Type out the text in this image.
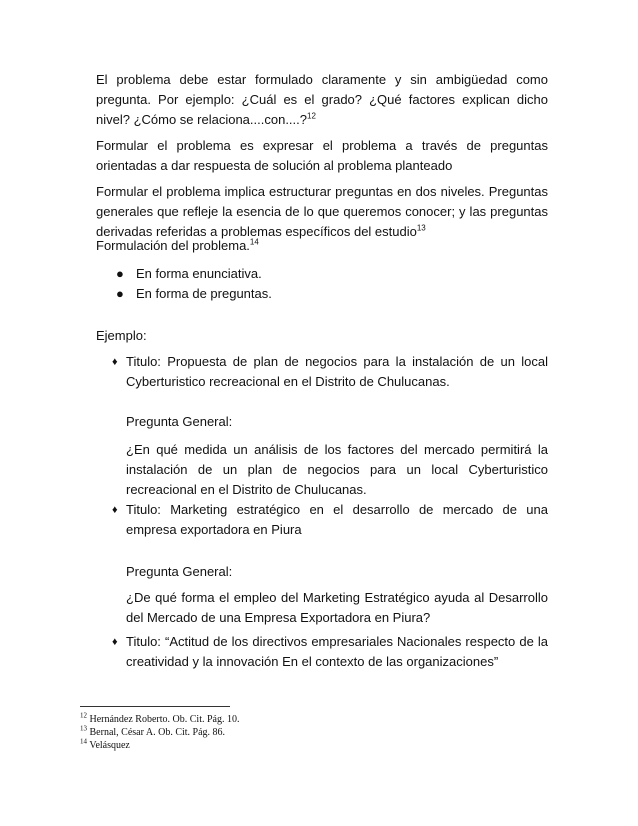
El problema debe estar formulado claramente y sin ambigüedad como pregunta. Por ejemplo: ¿Cuál es el grado? ¿Qué factores explican dicho nivel? ¿Cómo se relaciona....con....?$^{12}$

Formular el problema es expresar el problema a través de preguntas orientadas a dar respuesta de solución al problema planteado

Formular el problema implica estructurar preguntas en dos niveles. Preguntas generales que refleje la esencia de lo que queremos conocer; y las preguntas derivadas referidas a problemas específicos del estudio$^{13}$

Formulación del problema.$^{14}$

● En forma enunciativa.
● En forma de preguntas.

Ejemplo:

♦ Titulo: Propuesta de plan de negocios para la instalación de un local Cyberturistico recreacional en el Distrito de Chulucanas.

Pregunta General:

¿En qué medida un análisis de los factores del mercado permitirá la instalación de un plan de negocios para un local Cyberturistico recreacional en el Distrito de Chulucanas.

♦ Titulo: Marketing estratégico en el desarrollo de mercado de una empresa exportadora en Piura

Pregunta General:

¿De qué forma el empleo del Marketing Estratégico ayuda al Desarrollo del Mercado de una Empresa Exportadora en Piura?

♦ Titulo: “Actitud de los directivos empresariales Nacionales respecto de la creatividad y la innovación En el contexto de las organizaciones”

$^{12}$ Hernández Roberto. Ob. Cit. Pág. 10.
$^{13}$ Bernal, César A. Ob. Cit. Pág. 86.
$^{14}$ Velásquez
